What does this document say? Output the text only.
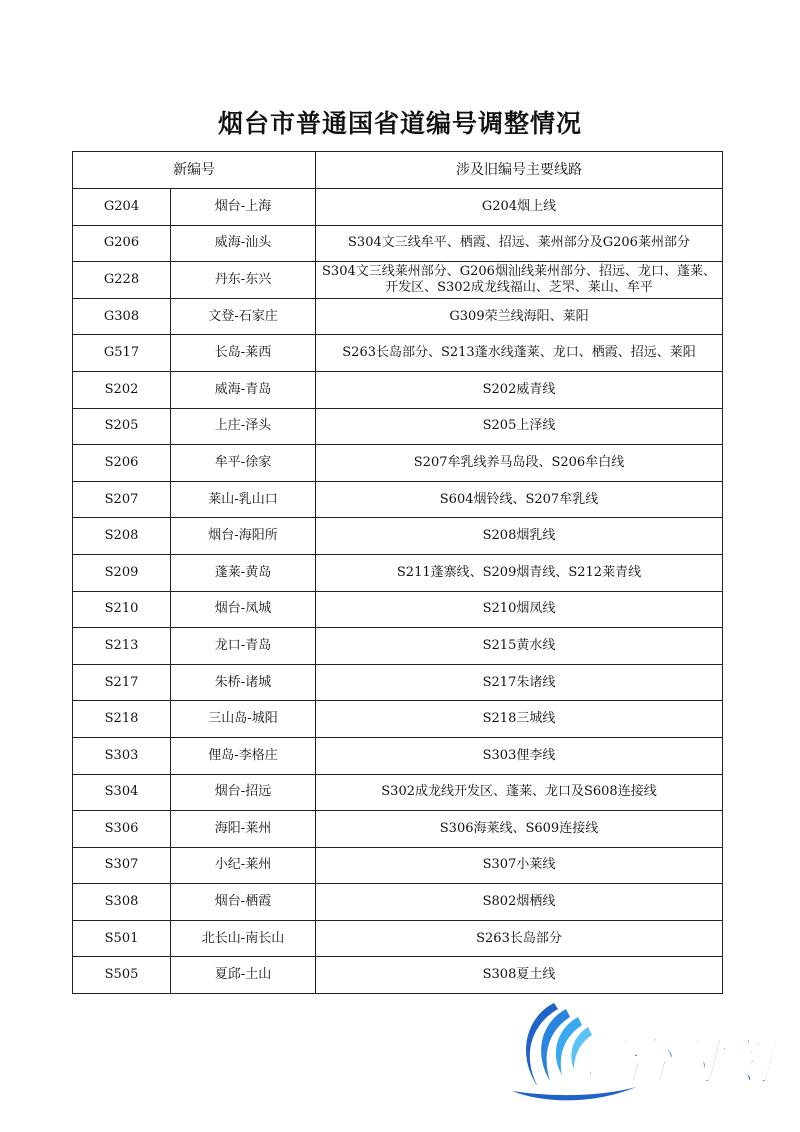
烟台市普通国省道编号调整情况
新编号		涉及旧编号主要线路
G204	烟台-上海	G204烟上线
G206	威海-汕头	S304文三线牟平、栖霞、招远、莱州部分及G206莱州部分
G228	丹东-东兴	S304文三线莱州部分、G206烟汕线莱州部分、招远、龙口、蓬莱、开发区、S302成龙线福山、芝罘、莱山、牟平
G308	文登-石家庄	G309荣兰线海阳、莱阳
G517	长岛-莱西	S263长岛部分、S213蓬水线蓬莱、龙口、栖霞、招远、莱阳
S202	威海-青岛	S202威青线
S205	上庄-泽头	S205上泽线
S206	牟平-徐家	S207牟乳线养马岛段、S206牟白线
S207	莱山-乳山口	S604烟铃线、S207牟乳线
S208	烟台-海阳所	S208烟乳线
S209	蓬莱-黄岛	S211蓬寨线、S209烟青线、S212莱青线
S210	烟台-凤城	S210烟凤线
S213	龙口-青岛	S215黄水线
S217	朱桥-诸城	S217朱诸线
S218	三山岛-城阳	S218三城线
S303	俚岛-李格庄	S303俚李线
S304	烟台-招远	S302成龙线开发区、蓬莱、龙口及S608连接线
S306	海阳-莱州	S306海莱线、S609连接线
S307	小纪-莱州	S307小莱线
S308	烟台-栖霞	S802烟栖线
S501	北长山-南长山	S263长岛部分
S505	夏邱-土山	S308夏土线
烟台时刻
